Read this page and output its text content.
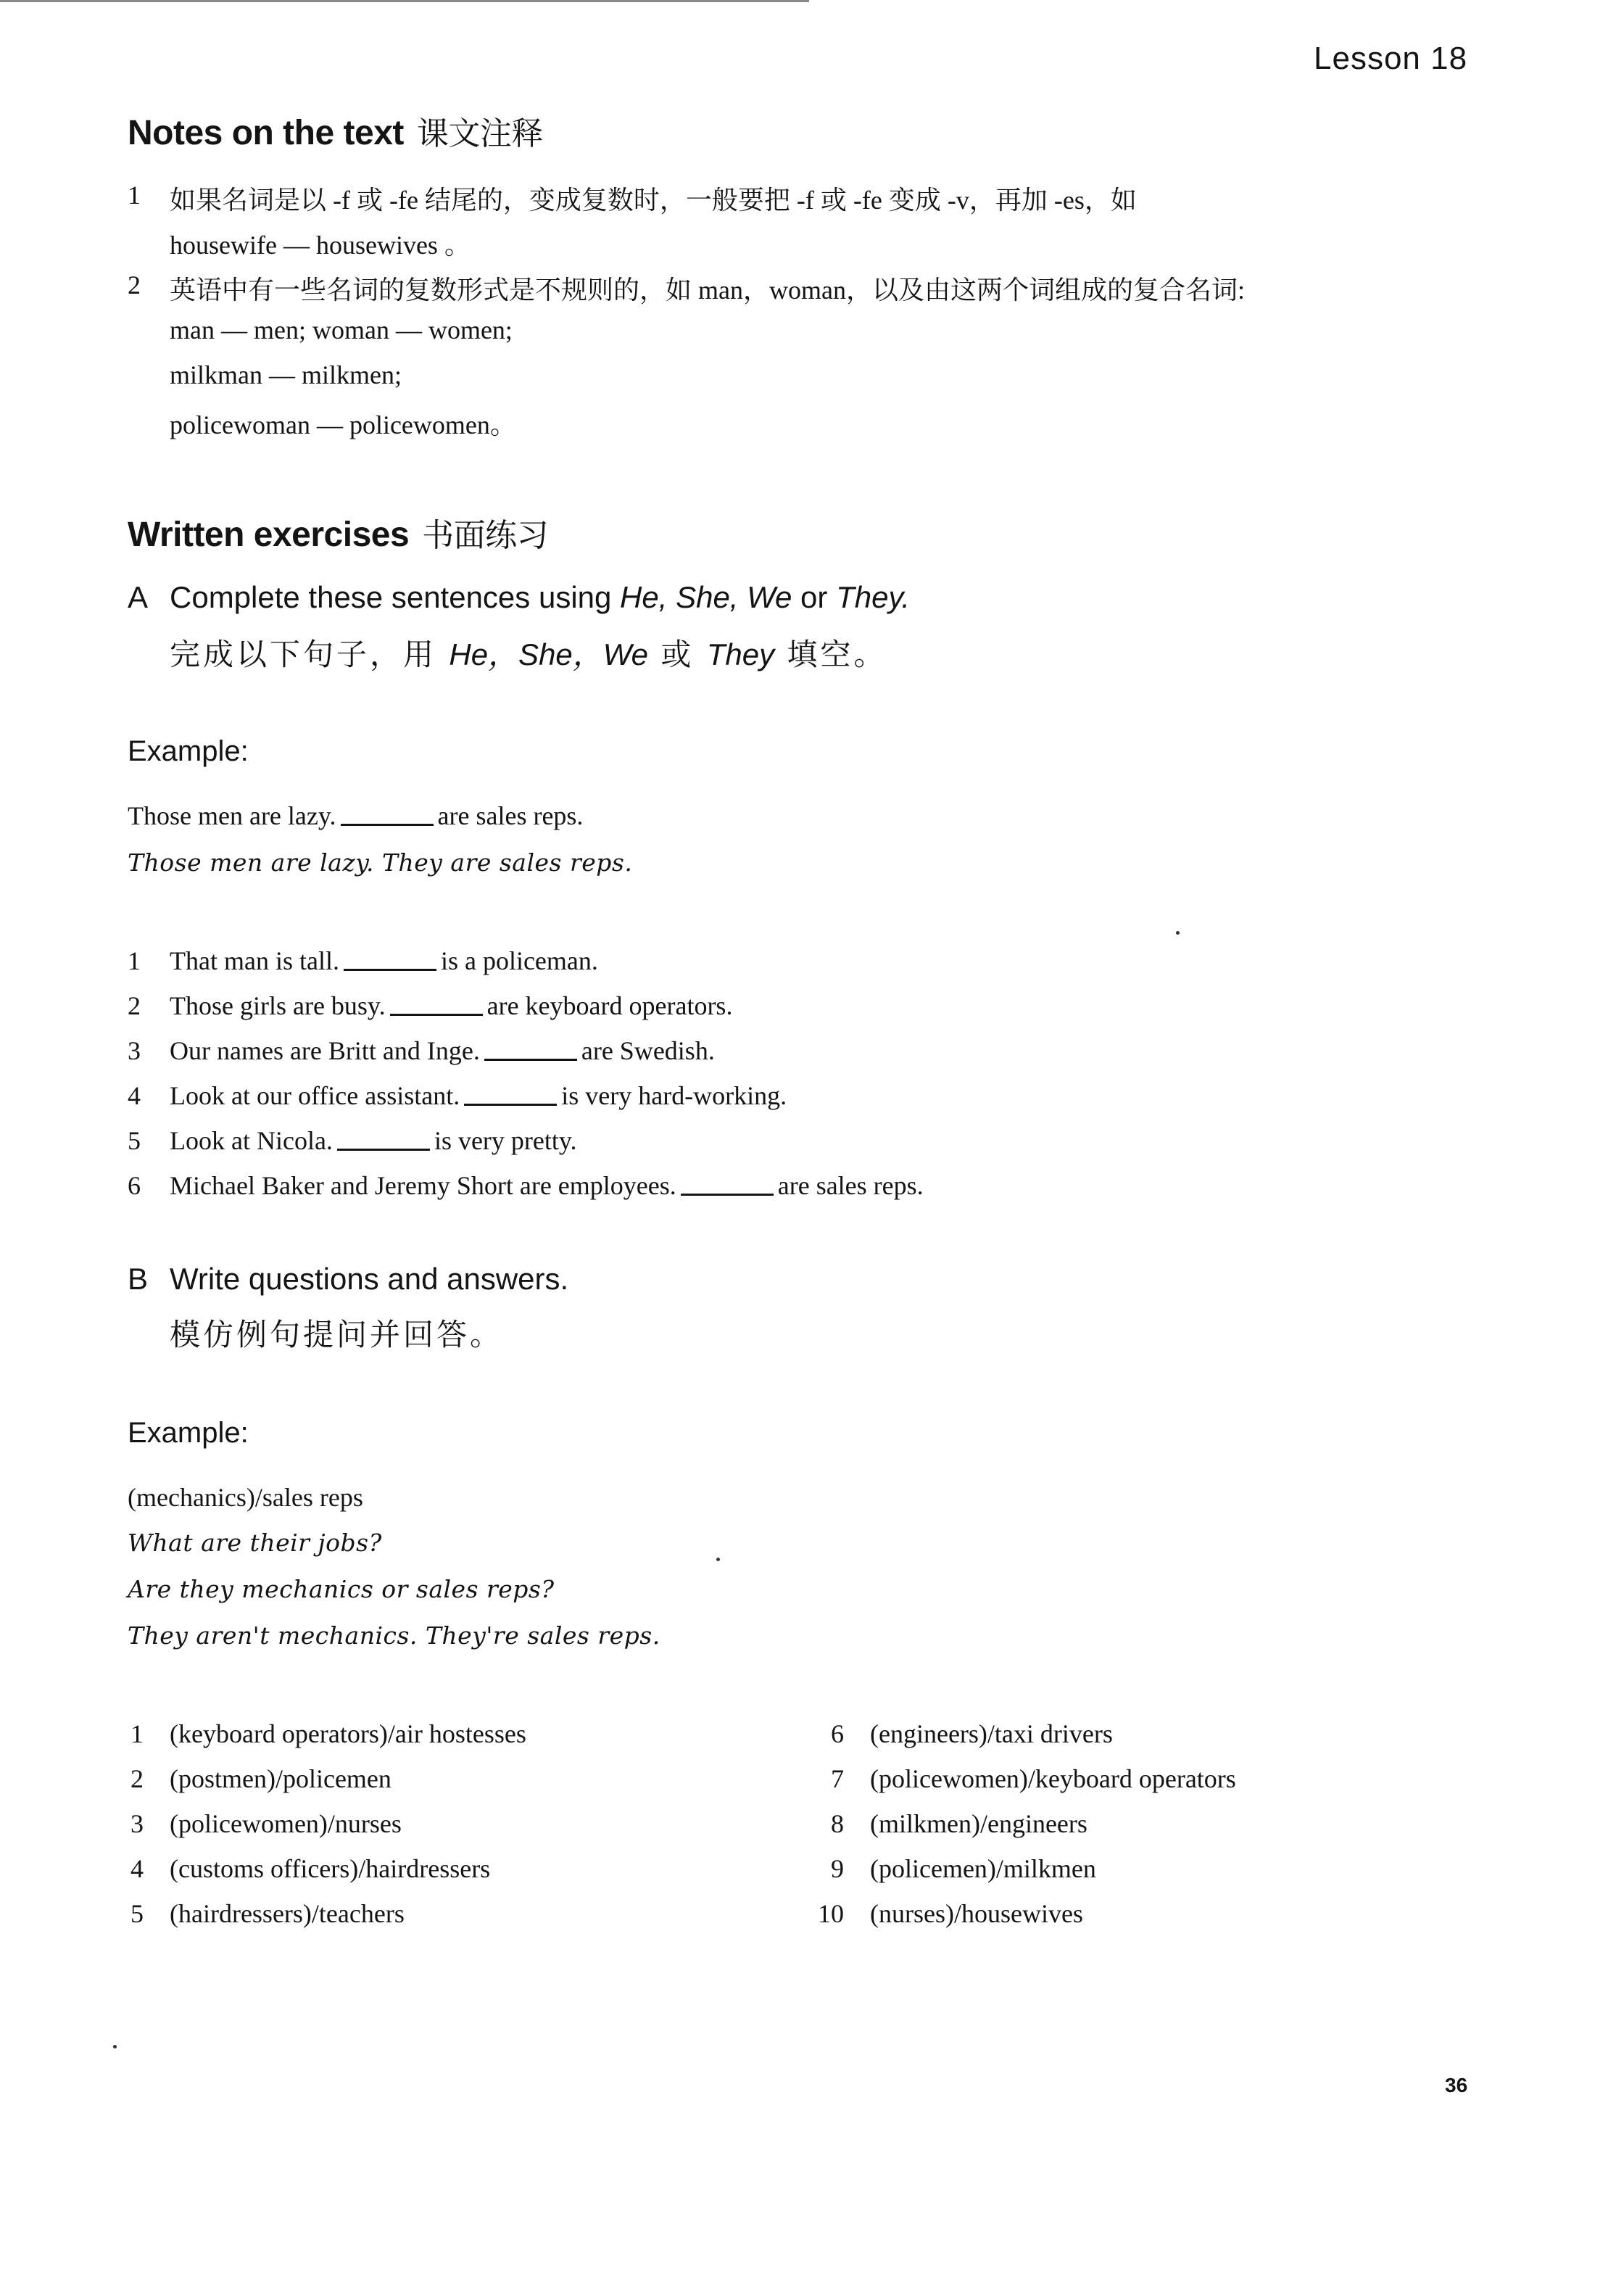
Lesson 18
Notes on the text 课文注释
1 如果名词是以 -f 或 -fe 结尾的，变成复数时，一般要把 -f 或 -fe 变成 -v，再加 -es，如
housewife — housewives 。
2 英语中有一些名词的复数形式是不规则的，如 man，woman，以及由这两个词组成的复合名词:
man — men; woman — women;
milkman — milkmen;
policewoman — policewomen。
Written exercises 书面练习
A Complete these sentences using He, She, We or They.
完成以下句子，用 He，She，We 或 They 填空。
Example:
Those men are lazy.	are sales reps.
Those men are lazy. They are sales reps.
1 That man is tall.	is a policeman.
2 Those girls are busy.	are keyboard operators.
3 Our names are Britt and Inge.	are Swedish.
4 Look at our office assistant.	is very hard-working.
5 Look at Nicola.	is very pretty.
6 Michael Baker and Jeremy Short are employees.	are sales reps.
B Write questions and answers.
模仿例句提问并回答。
Example:
(mechanics)/sales reps
What are their jobs?
Are they mechanics or sales reps?
They aren't mechanics. They're sales reps.
1 (keyboard operators)/air hostesses
2 (postmen)/policemen
3 (policewomen)/nurses
4 (customs officers)/hairdressers
5 (hairdressers)/teachers
6 (engineers)/taxi drivers
7 (policewomen)/keyboard operators
8 (milkmen)/engineers
9 (policemen)/milkmen
10 (nurses)/housewives
36
